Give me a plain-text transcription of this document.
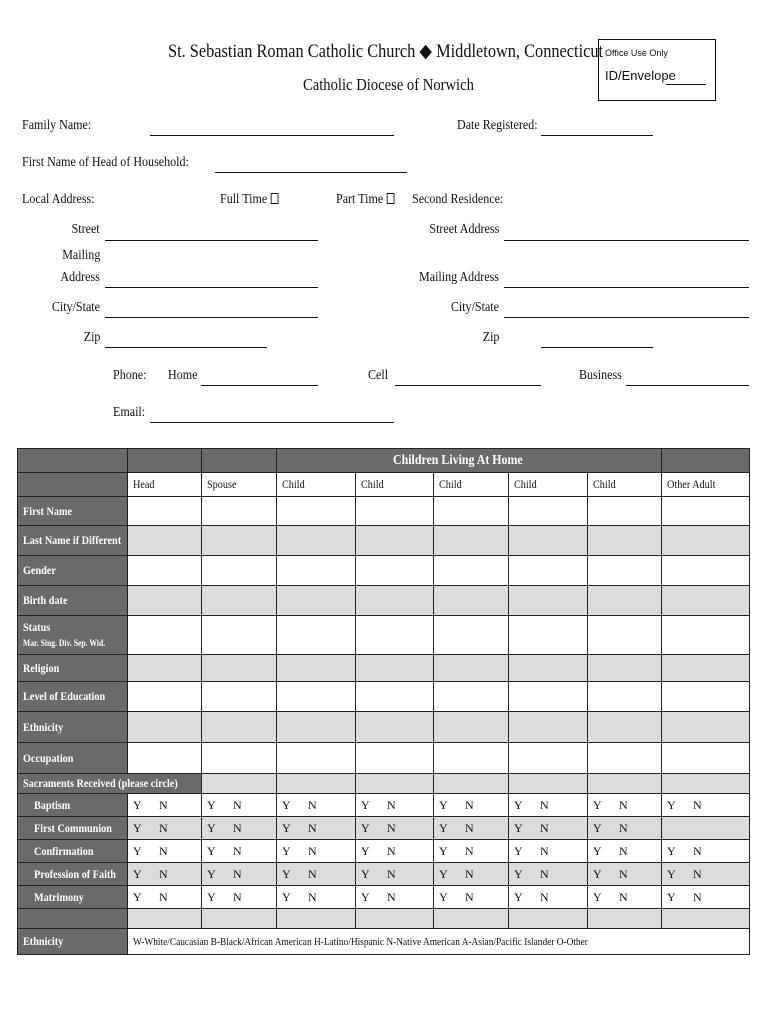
St. Sebastian Roman Catholic Church ◆ Middletown, Connecticut
Catholic Diocese of Norwich
Office Use Only
ID/Envelope
Family Name:	Date Registered:
First Name of Head of Household:
Local Address:	Full Time	Part Time	Second Residence:
Street	Street Address
Mailing
Address	Mailing Address
City/State	City/State
Zip	Zip
Phone: Home	Cell	Business
Email:
			Children Living At Home					
	Head	Spouse	Child	Child	Child	Child	Child	Other Adult
First Name								
Last Name if Different								
Gender								
Birth date								
Status
Mar. Sing. Div. Sep. Wid.								
Religion								
Level of Education								
Ethnicity								
Occupation								
Sacraments Received (please circle)								
Baptism	Y N	Y N	Y N	Y N	Y N	Y N	Y N	Y N
First Communion	Y N	Y N	Y N	Y N	Y N	Y N	Y N	
Confirmation	Y N	Y N	Y N	Y N	Y N	Y N	Y N	Y N
Profession of Faith	Y N	Y N	Y N	Y N	Y N	Y N	Y N	Y N
Matrimony	Y N	Y N	Y N	Y N	Y N	Y N	Y N	Y N

Ethnicity	W-White/Caucasian B-Black/African American H-Latino/Hispanic N-Native American A-Asian/Pacific Islander O-Other							
